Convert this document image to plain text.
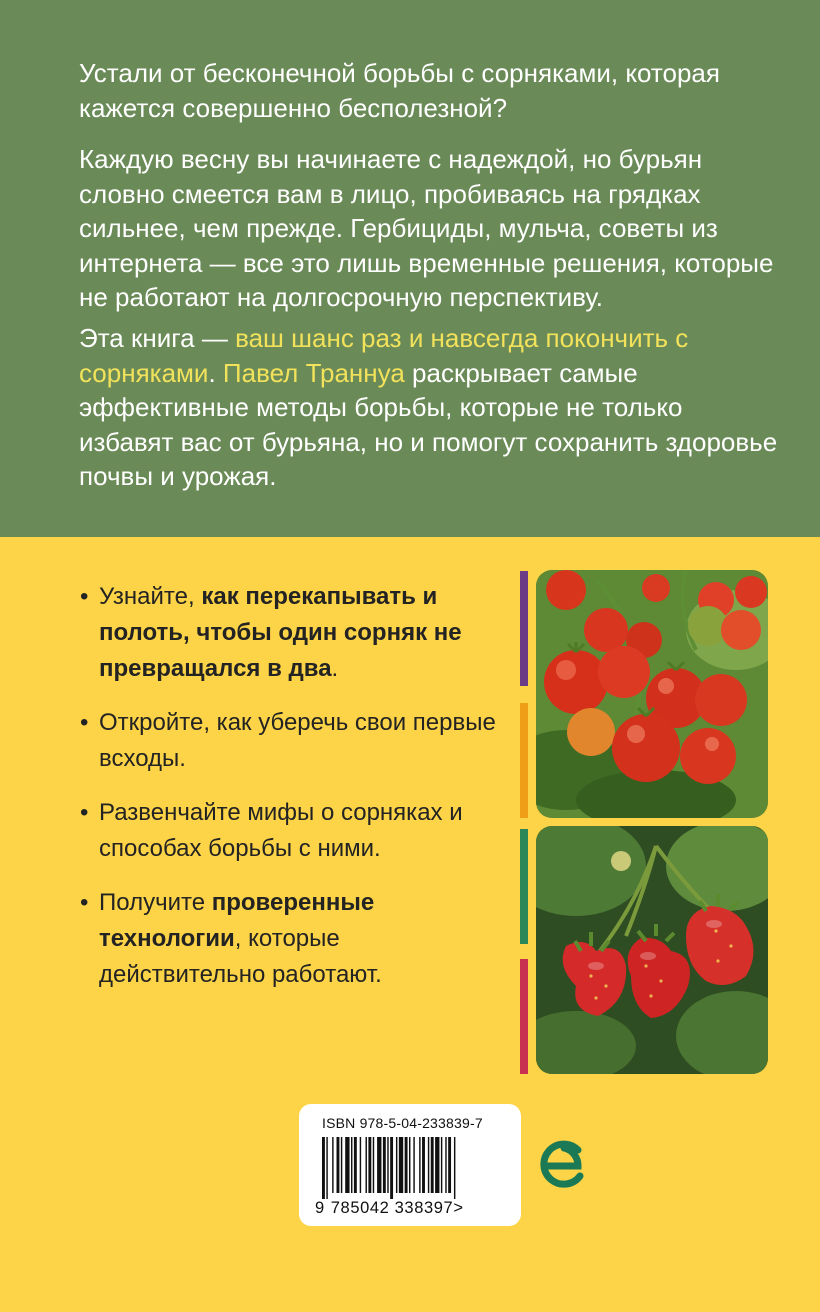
Устали от бесконечной борьбы с сорняками, которая кажется совершенно бесполезной?

Каждую весну вы начинаете с надеждой, но бурьян словно смеется вам в лицо, пробиваясь на грядках сильнее, чем прежде. Гербициды, мульча, советы из интернета — все это лишь временные решения, которые не работают на долгосрочную перспективу.

Эта книга — ваш шанс раз и навсегда покончить с сорняками. Павел Траннуа раскрывает самые эффективные методы борьбы, которые не только избавят вас от бурьяна, но и помогут сохранить здоровье почвы и урожая.

• Узнайте, как перекапывать и полоть, чтобы один сорняк не превращался в два.
• Откройте, как уберечь свои первые всходы.
• Развенчайте мифы о сорняках и способах борьбы с ними.
• Получите проверенные технологии, которые действительно работают.
ISBN 978-5-04-233839-7
9 785042 338397>
